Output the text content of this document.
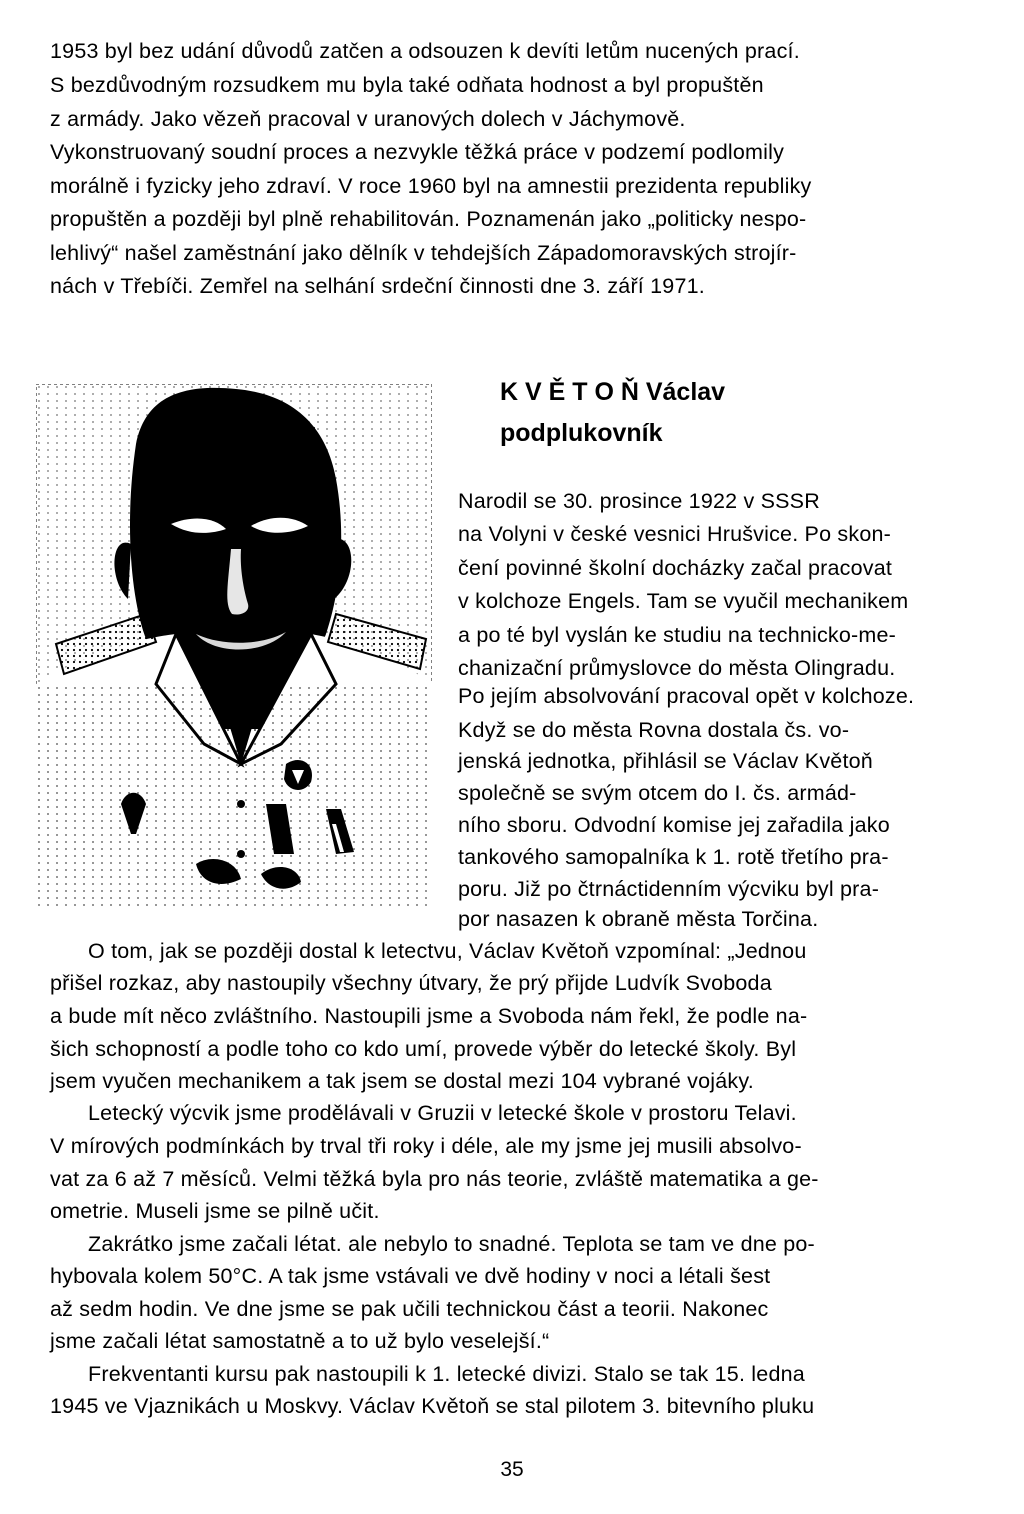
1953 byl bez udání důvodů zatčen a odsouzen k devíti letům nucených prací.
S bezdůvodným rozsudkem mu byla také odňata hodnost a byl propuštěn
z armády. Jako vězeň pracoval v uranových dolech v Jáchymově.
Vykonstruovaný soudní proces a nezvykle těžká práce v podzemí podlomily
morálně i fyzicky jeho zdraví. V roce 1960 byl na amnestii prezidenta republiky
propuštěn a později byl plně rehabilitován. Poznamenán jako „politicky nespo-
lehlivý“ našel zaměstnání jako dělník v tehdejších Západomoravských strojír-
nách v Třebíči. Zemřel na selhání srdeční činnosti dne 3. září 1971.
K V Ě T O Ň Václav
podplukovník
Narodil se 30. prosince 1922 v SSSR
na Volyni v české vesnici Hrušvice. Po skon-
čení povinné školní docházky začal pracovat
v kolchoze Engels. Tam se vyučil mechanikem
a po té byl vyslán ke studiu na technicko-me-
chanizační průmyslovce do města Olingradu.
Po jejím absolvování pracoval opět v kolchoze.
Když se do města Rovna dostala čs. vo-
jenská jednotka, přihlásil se Václav Květoň
společně se svým otcem do I. čs. armád-
ního sboru. Odvodní komise jej zařadila jako
tankového samopalníka k 1. rotě třetího pra-
poru. Již po čtrnáctidenním výcviku byl pra-
por nasazen k obraně města Torčina.
O tom, jak se později dostal k letectvu, Václav Květoň vzpomínal: „Jednou
přišel rozkaz, aby nastoupily všechny útvary, že prý přijde Ludvík Svoboda
a bude mít něco zvláštního. Nastoupili jsme a Svoboda nám řekl, že podle na-
šich schopností a podle toho co kdo umí, provede výběr do letecké školy. Byl
jsem vyučen mechanikem a tak jsem se dostal mezi 104 vybrané vojáky.
Letecký výcvik jsme prodělávali v Gruzii v letecké škole v prostoru Telavi.
V mírových podmínkách by trval tři roky i déle, ale my jsme jej musili absolvo-
vat za 6 až 7 měsíců. Velmi těžká byla pro nás teorie, zvláště matematika a ge-
ometrie. Museli jsme se pilně učit.
Zakrátko jsme začali létat. ale nebylo to snadné. Teplota se tam ve dne po-
hybovala kolem 50°C. A tak jsme vstávali ve dvě hodiny v noci a létali šest
až sedm hodin. Ve dne jsme se pak učili technickou část a teorii. Nakonec
jsme začali létat samostatně a to už bylo veselejší.“
Frekventanti kursu pak nastoupili k 1. letecké divizi. Stalo se tak 15. ledna
1945 ve Vjaznikách u Moskvy. Václav Květoň se stal pilotem 3. bitevního pluku
35
